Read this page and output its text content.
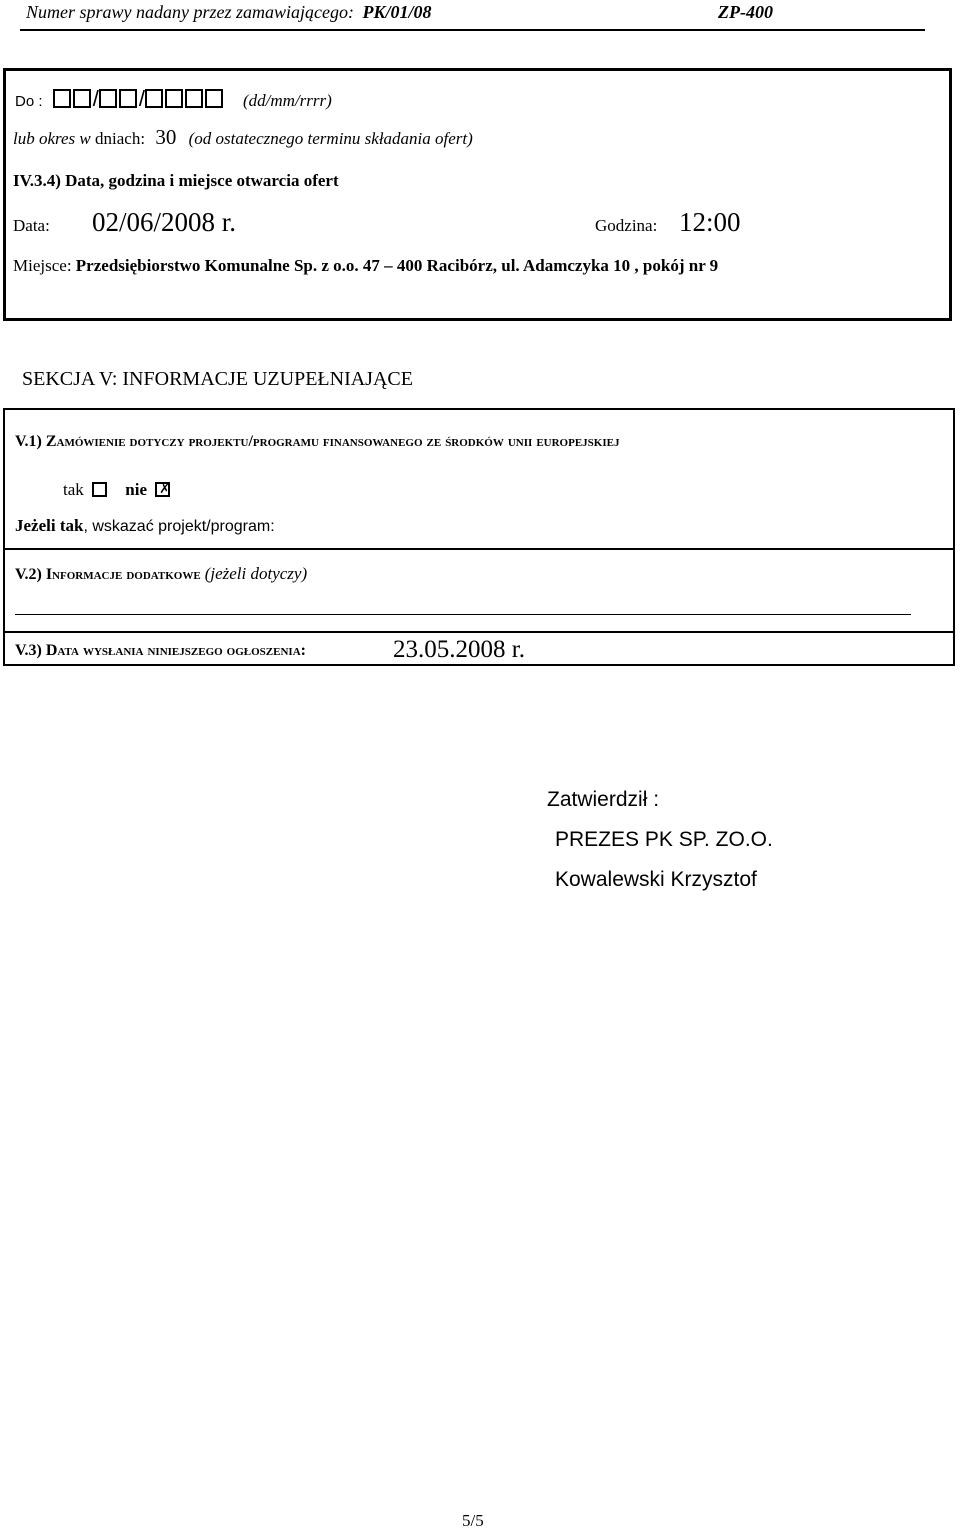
Numer sprawy nadany przez zamawiającego: PK/01/08	ZP-400
Do : / /	(dd/mm/rrrr)
lub okres w dniach: 30 (od ostatecznego terminu składania ofert)
IV.3.4) Data, godzina i miejsce otwarcia ofert
Data: 02/06/2008 r.	Godzina: 12:00
Miejsce: Przedsiębiorstwo Komunalne Sp. z o.o. 47 – 400 Racibórz, ul. Adamczyka 10 , pokój nr 9
SEKCJA V: INFORMACJE UZUPEŁNIAJĄCE
V.1) Zamówienie dotyczy projektu/programu finansowanego ze środków unii europejskiej
tak nie ✗
Jeżeli tak, wskazać projekt/program:
V.2) Informacje dodatkowe (jeżeli dotyczy)
V.3) Data wysłania niniejszego ogłoszenia:	23.05.2008 r.
Zatwierdził :
PREZES PK SP. ZO.O.
Kowalewski Krzysztof
5/5
